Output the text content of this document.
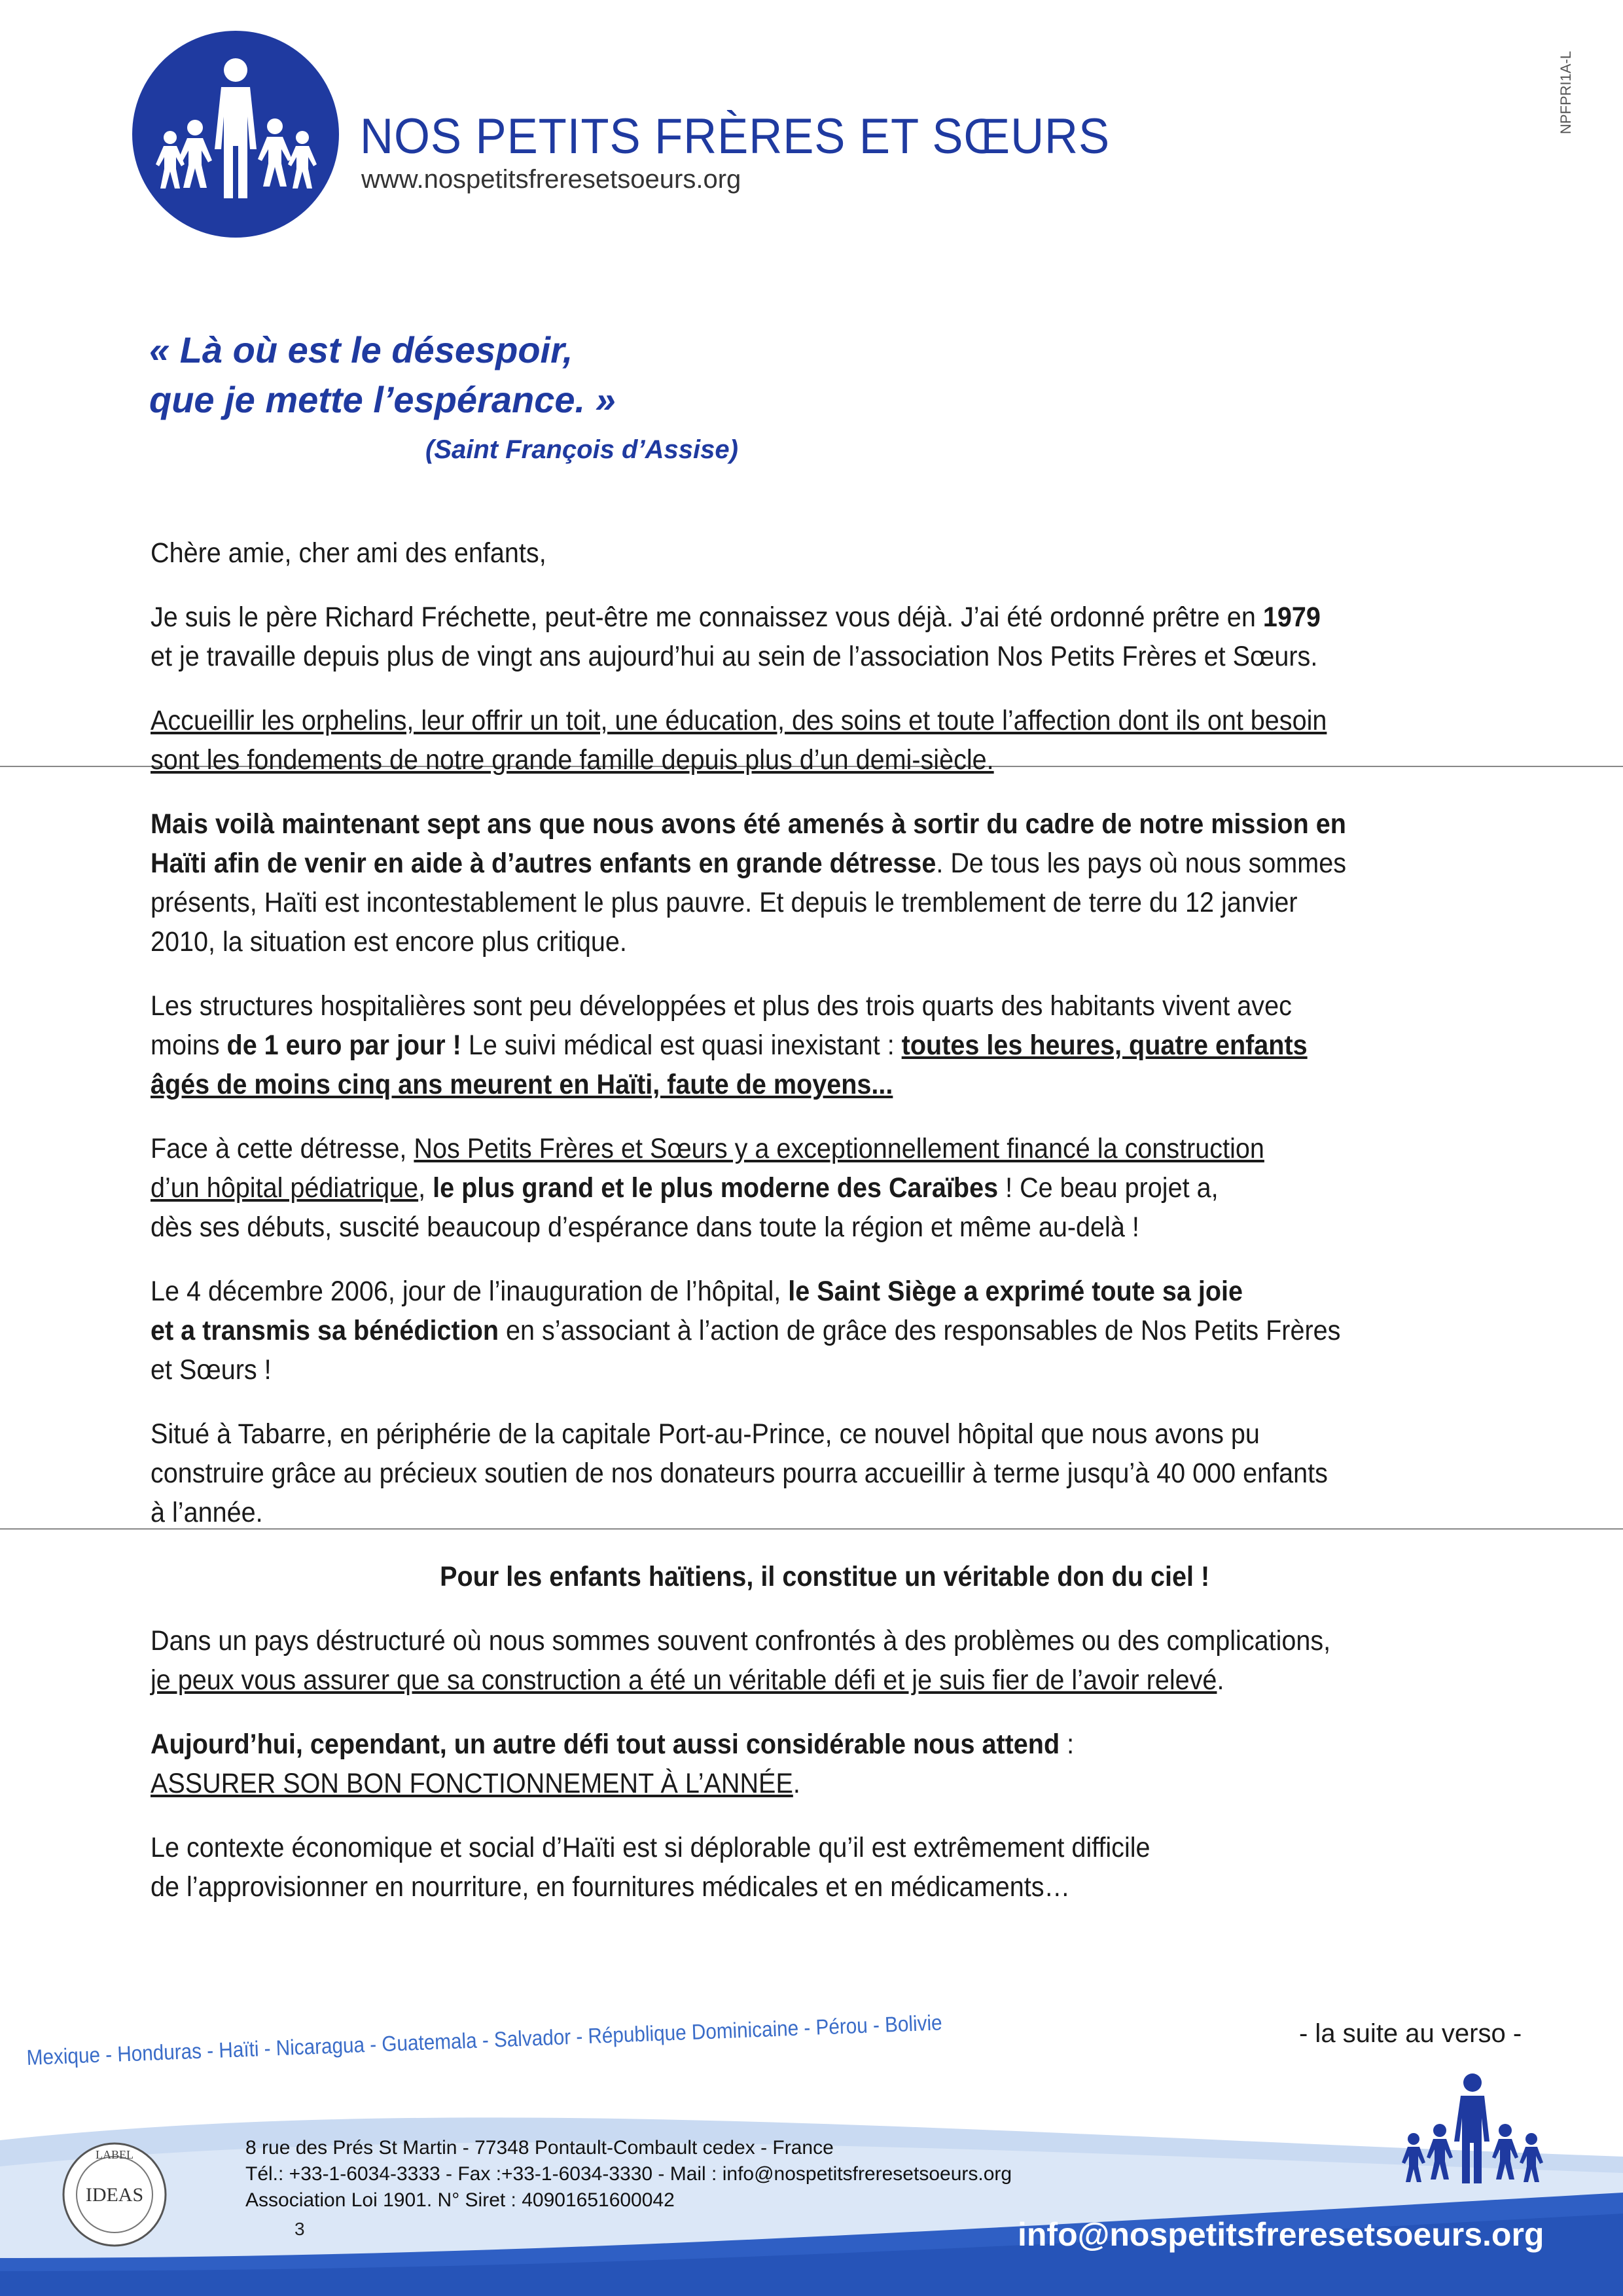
NOS PETITS FRÈRES ET SŒURS
www.nospetitsfreresetsoeurs.org
NPFPRI1A-L
« Là où est le désespoir,
que je mette l’espérance. »
(Saint François d’Assise)
Chère amie, cher ami des enfants,
Je suis le père Richard Fréchette, peut-être me connaissez vous déjà. J’ai été ordonné prêtre en 1979
et je travaille depuis plus de vingt ans aujourd’hui au sein de l’association Nos Petits Frères et Sœurs.
Accueillir les orphelins, leur offrir un toit, une éducation, des soins et toute l’affection dont ils ont besoin
sont les fondements de notre grande famille depuis plus d’un demi-siècle.
Mais voilà maintenant sept ans que nous avons été amenés à sortir du cadre de notre mission en
Haïti afin de venir en aide à d’autres enfants en grande détresse. De tous les pays où nous sommes
présents, Haïti est incontestablement le plus pauvre. Et depuis le tremblement de terre du 12 janvier
2010, la situation est encore plus critique.
Les structures hospitalières sont peu développées et plus des trois quarts des habitants vivent avec
moins de 1 euro par jour ! Le suivi médical est quasi inexistant : toutes les heures, quatre enfants
âgés de moins cinq ans meurent en Haïti, faute de moyens...
Face à cette détresse, Nos Petits Frères et Sœurs y a exceptionnellement financé la construction
d’un hôpital pédiatrique, le plus grand et le plus moderne des Caraïbes ! Ce beau projet a,
dès ses débuts, suscité beaucoup d’espérance dans toute la région et même au-delà !
Le 4 décembre 2006, jour de l’inauguration de l’hôpital, le Saint Siège a exprimé toute sa joie
et a transmis sa bénédiction en s’associant à l’action de grâce des responsables de Nos Petits Frères
et Sœurs !
Situé à Tabarre, en périphérie de la capitale Port-au-Prince, ce nouvel hôpital que nous avons pu
construire grâce au précieux soutien de nos donateurs pourra accueillir à terme jusqu’à 40 000 enfants
à l’année.
Pour les enfants haïtiens, il constitue un véritable don du ciel !
Dans un pays déstructuré où nous sommes souvent confrontés à des problèmes ou des complications,
je peux vous assurer que sa construction a été un véritable défi et je suis fier de l’avoir relevé.
Aujourd’hui, cependant, un autre défi tout aussi considérable nous attend :
ASSURER SON BON FONCTIONNEMENT À L’ANNÉE.
Le contexte économique et social d’Haïti est si déplorable qu’il est extrêmement difficile
de l’approvisionner en nourriture, en fournitures médicales et en médicaments…
- la suite au verso -
Mexique - Honduras - Haïti - Nicaragua - Guatemala - Salvador - République Dominicaine - Pérou - Bolivie
LABEL
IDEAS
8 rue des Prés St Martin - 77348 Pontault-Combault cedex - France
Tél.: +33-1-6034-3333 - Fax :+33-1-6034-3330 - Mail : info@nospetitsfreresetsoeurs.org
Association Loi 1901. N° Siret : 40901651600042
3	info@nospetitsfreresetsoeurs.org
